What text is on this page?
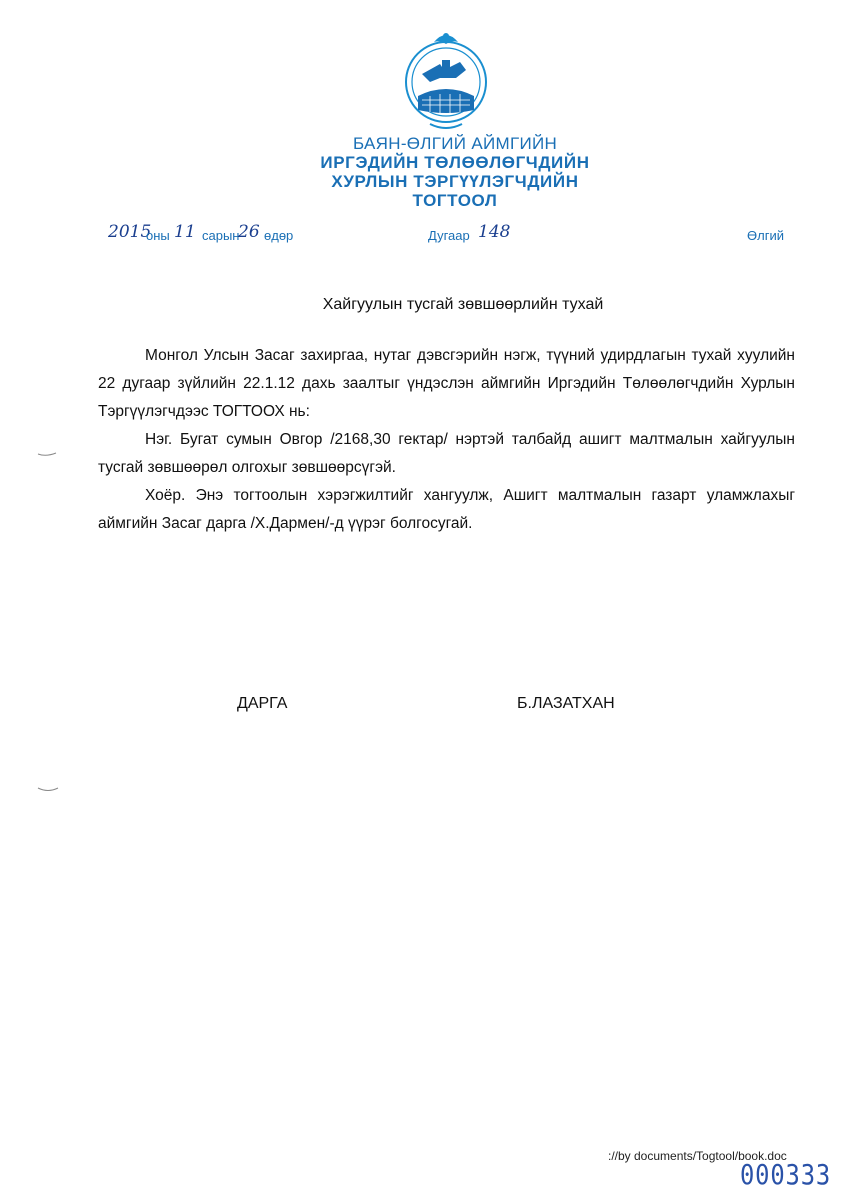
БАЯН-ӨЛГИЙ АЙМГИЙН
ИРГЭДИЙН ТӨЛӨӨЛӨГЧДИЙН
ХУРЛЫН ТЭРГҮҮЛЭГЧДИЙН
ТОГТООЛ
2015
оны 11 сарын
26 өдөр	Дугаар 148	Өлгий
Хайгуулын тусгай зөвшөөрлийн тухай

Монгол Улсын Засаг захиргаа, нутаг дэвсгэрийн нэгж, түүний удирдлагын тухай хуулийн 22 дугаар зүйлийн 22.1.12 дахь заалтыг үндэслэн аймгийн Иргэдийн Төлөөлөгчдийн Хурлын Тэргүүлэгчдээс ТОГТООХ нь:

Нэг. Бугат сумын Овгор /2168,30 гектар/ нэртэй талбайд ашигт малтмалын хайгуулын тусгай зөвшөөрөл олгохыг зөвшөөрсүгэй.

Хоёр. Энэ тогтоолын хэрэгжилтийг хангуулж, Ашигт малтмалын газарт уламжлахыг аймгийн Засаг дарга /Х.Дармен/-д үүрэг болгосугай.

ДАРГА	Б.ЛАЗАТХАН
://by documents/Togtool/book.doc
000333
